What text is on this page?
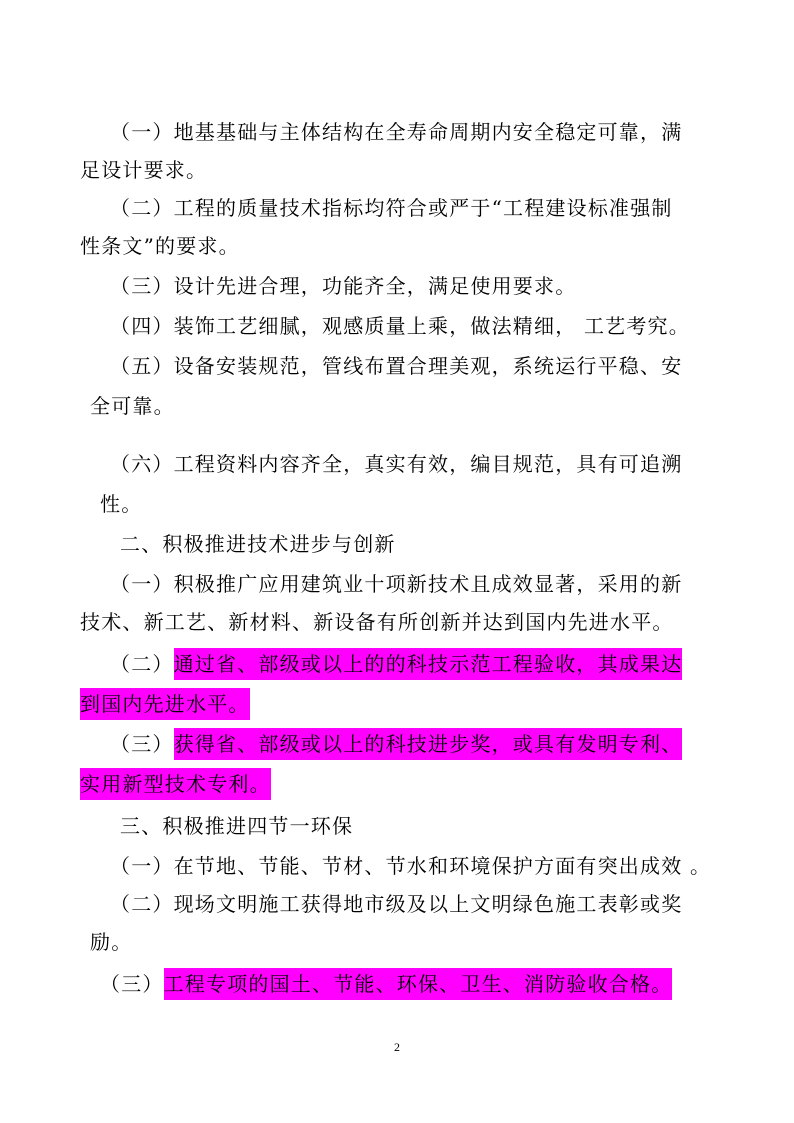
（一）地基基础与主体结构在全寿命周期内安全稳定可靠，满
足设计要求。
（二）工程的质量技术指标均符合或严于“工程建设标准强制
性条文”的要求。
（三）设计先进合理，功能齐全，满足使用要求。
（四）装饰工艺细腻，观感质量上乘，做法精细， 工艺考究。
（五）设备安装规范，管线布置合理美观，系统运行平稳、安
全可靠。
（六）工程资料内容齐全，真实有效，编目规范，具有可追溯
性。
二、积极推进技术进步与创新
（一）积极推广应用建筑业十项新技术且成效显著，采用的新
技术、新工艺、新材料、新设备有所创新并达到国内先进水平。
（二）通过省、部级或以上的的科技示范工程验收，其成果达
到国内先进水平。
（三）获得省、部级或以上的科技进步奖，或具有发明专利、
实用新型技术专利。
三、积极推进四节一环保
（一）在节地、节能、节材、节水和环境保护方面有突出成效 。
（二）现场文明施工获得地市级及以上文明绿色施工表彰或奖
励。
（三）工程专项的国土、节能、环保、卫生、消防验收合格。
2
